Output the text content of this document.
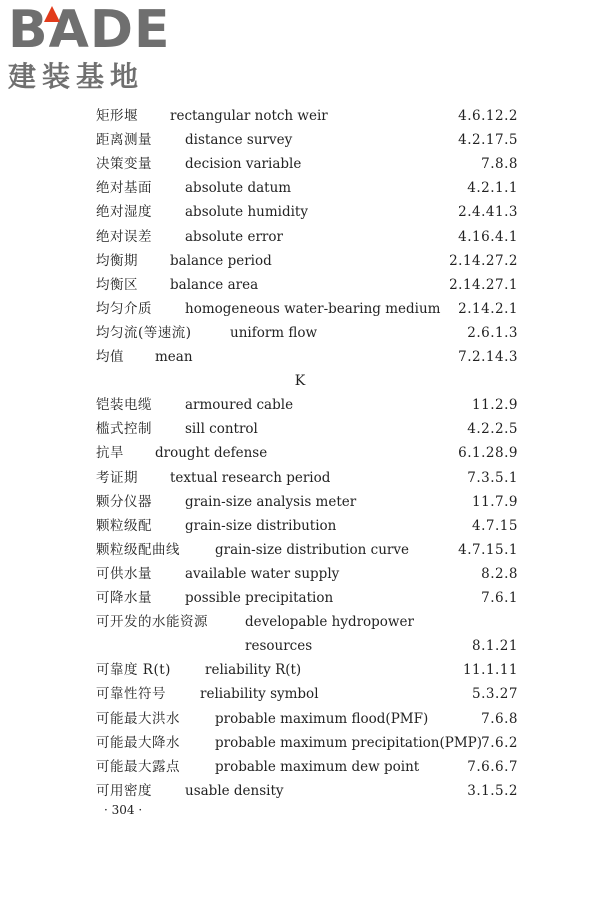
BADE
建装基地
矩形堰 rectangular notch weir	4.6.12.2
距离测量 distance survey	4.2.17.5
决策变量 decision variable	7.8.8
绝对基面 absolute datum	4.2.1.1
绝对湿度 absolute humidity	2.4.41.3
绝对误差 absolute error	4.16.4.1
均衡期 balance period	2.14.27.2
均衡区 balance area	2.14.27.1
均匀介质 homogeneous water-bearing medium 2.14.2.1
均匀流(等速流)	uniform flow	2.6.1.3
均值 mean	7.2.14.3
K
铠装电缆 armoured cable	11.2.9
槛式控制 sill control	4.2.2.5
抗旱 drought defense	6.1.28.9
考证期 textual research period	7.3.5.1
颗分仪器 grain-size analysis meter	11.7.9
颗粒级配 grain-size distribution	4.7.15
颗粒级配曲线	grain-size distribution curve	4.7.15.1
可供水量 available water supply	8.2.8
可降水量 possible precipitation	7.6.1
可开发的水能资源	developable hydropower
resources	8.1.21
可靠度 R(t)	reliability R(t)	11.1.11
可靠性符号	reliability symbol	5.3.27
可能最大洪水	probable maximum flood(PMF)	7.6.8
可能最大降水	probable maximum precipitation(PMP) 7.6.2
可能最大露点	probable maximum dew point	7.6.6.7
可用密度 usable density	3.1.5.2
· 304 ·
